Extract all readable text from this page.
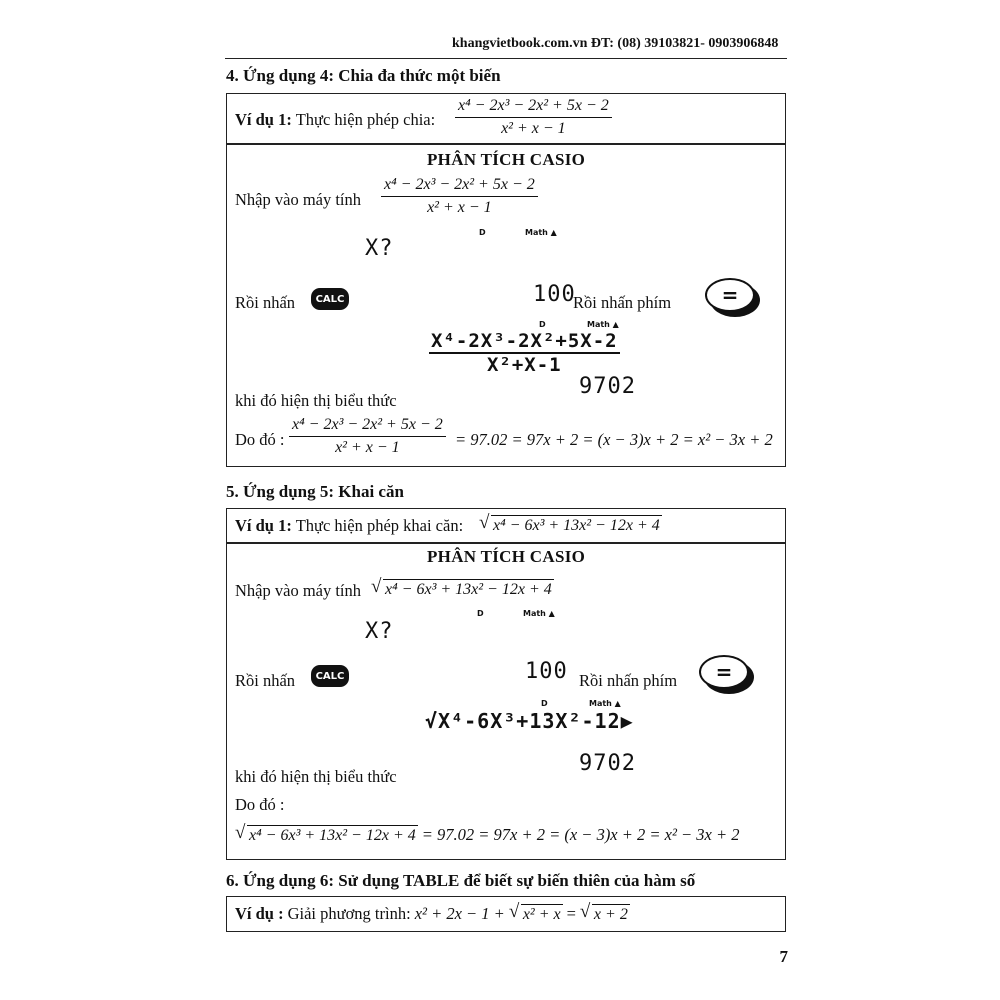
khangvietbook.com.vn ĐT: (08) 39103821- 0903906848
4. Ứng dụng 4: Chia đa thức một biến
Ví dụ 1: Thực hiện phép chia: $\frac{\text{x⁴ − 2x³ − 2x² + 5x − 2}}{\text{x² + x − 1}}$
PHÂN TÍCH CASIO
Nhập vào máy tính $\frac{\text{x⁴ − 2x³ − 2x² + 5x − 2}}{\text{x² + x − 1}}$
D	Math ▲
X?
Rồi nhấn	CALC	100
Rồi nhấn phím	=
D	Math ▲
$\frac{\text{X⁴-2X³-2X²+5X-2}}{\text{X²+X-1}}$
9702
khi đó hiện thị biểu thức
Do đó : $\frac{\text{x⁴ − 2x³ − 2x² + 5x − 2}}{\text{x² + x − 1}} = 97.02 = 97x + 2 = (x - 3)x + 2 = x^2 - 3x + 2$
5. Ứng dụng 5: Khai căn
Ví dụ 1: Thực hiện phép khai căn: √ x⁴ − 6x³ + 13x² − 12x + 4
PHÂN TÍCH CASIO
Nhập vào máy tính √ x⁴ − 6x³ + 13x² − 12x + 4
D	Math ▲
X?
Rồi nhấn	CALC	100 Rồi nhấn phím	=
D	Math ▲
√X⁴-6X³+13X²-12▶
9702
khi đó hiện thị biểu thức
Do đó :
√ x⁴ − 6x³ + 13x² − 12x + 4 = 97.02 = 97x + 2 = (x − 3)x + 2 = x² − 3x + 2
6. Ứng dụng 6: Sử dụng TABLE để biết sự biến thiên của hàm số
Ví dụ : Giải phương trình: x² + 2x − 1 + √ x² + x = √ x + 2
7
